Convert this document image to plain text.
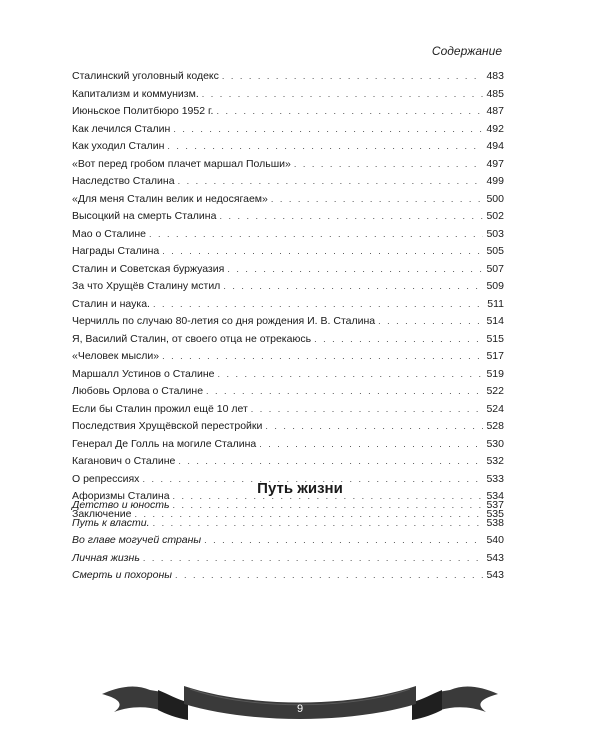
Содержание
Сталинский уголовный кодекс . . .	483
Капитализм и коммунизм. . . .	485
Июньское Политбюро 1952 г. . . .	487
Как лечился Сталин . . .	492
Как уходил Сталин . . .	494
«Вот перед гробом плачет маршал Польши» . . .	497
Наследство Сталина . . .	499
«Для меня Сталин велик и недосягаем» . . .	500
Высоцкий на смерть Сталина . . .	502
Мао о Сталине . . .	503
Награды Сталина . . .	505
Сталин и Советская буржуазия . . .	507
За что Хрущёв Сталину мстил . . .	509
Сталин и наука. . . .	511
Черчилль по случаю 80-летия со дня рождения И. В. Сталина . . .	514
Я, Василий Сталин, от своего отца не отрекаюсь . . .	515
«Человек мысли» . . .	517
Маршалл Устинов о Сталине . . .	519
Любовь Орлова о Сталине . . .	522
Если бы Сталин прожил ещё 10 лет . . .	524
Последствия Хрущёвской перестройки . . .	528
Генерал Де Голль на могиле Сталина . . .	530
Каганович о Сталине . . .	532
О репрессиях . . .	533
Афоризмы Сталина . . .	534
Заключение . . .	535
Путь жизни
Детство и юность . . .	537
Путь к власти. . . .	538
Во главе могучей страны . . .	540
Личная жизнь . . .	543
Смерть и похороны . . .	543
9
